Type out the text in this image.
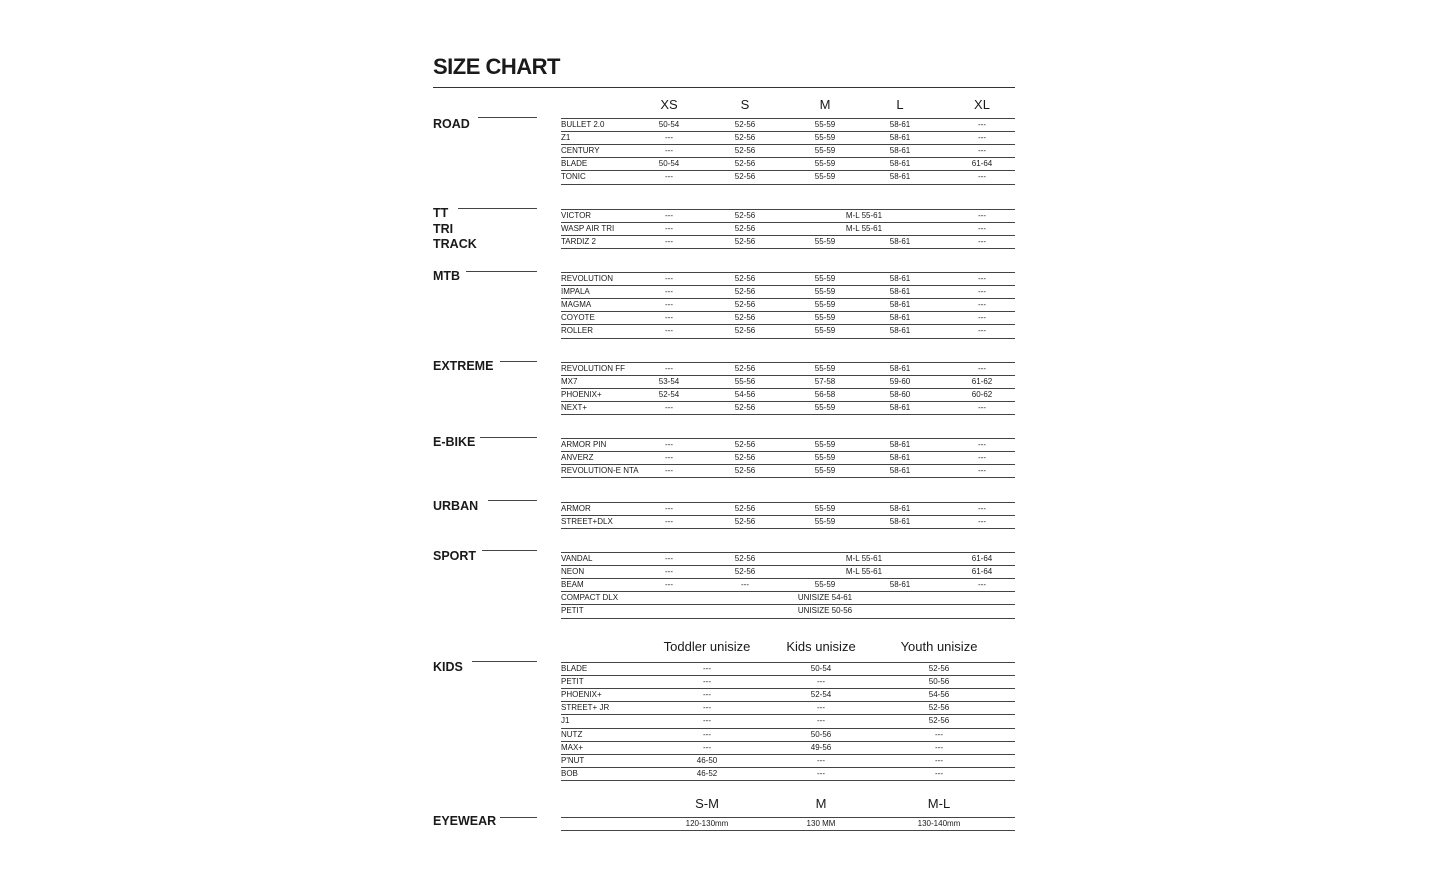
SIZE CHART
XS	S	M	L	XL
ROAD	BULLET 2.0	50-54	52-56	55-59	58-61	---
Z1	---	52-56	55-59	58-61	---
CENTURY	---	52-56	55-59	58-61	---
BLADE	50-54	52-56	55-59	58-61	61-64
TONIC	---	52-56	55-59	58-61	---
TT
TRI
TRACK
VICTOR	---	52-56	M-L 55-61	---
WASP AIR TRI	---	52-56	M-L 55-61	---
TARDIZ 2	---	52-56	55-59	58-61	---
MTB	REVOLUTION	---	52-56	55-59	58-61	---
IMPALA	---	52-56	55-59	58-61	---
MAGMA	---	52-56	55-59	58-61	---
COYOTE	---	52-56	55-59	58-61	---
ROLLER	---	52-56	55-59	58-61	---
EXTREME	REVOLUTION FF	---	52-56	55-59	58-61	---
MX7	53-54	55-56	57-58	59-60	61-62
PHOENIX+	52-54	54-56	56-58	58-60	60-62
NEXT+	---	52-56	55-59	58-61	---
E-BIKE	ARMOR PIN	---	52-56	55-59	58-61	---
ANVERZ	---	52-56	55-59	58-61	---
REVOLUTION-E NTA	---	52-56	55-59	58-61	---
URBAN	ARMOR	---	52-56	55-59	58-61	---
STREET+DLX	---	52-56	55-59	58-61	---
SPORT	VANDAL	---	52-56	M-L 55-61	61-64
NEON	---	52-56	M-L 55-61	61-64
BEAM	---	---	55-59	58-61	---
COMPACT DLX	UNISIZE 54-61
PETIT	UNISIZE 50-56
Toddler unisize	Kids unisize	Youth unisize
KIDS	BLADE	---	50-54	52-56
PETIT	---	---	50-56
PHOENIX+	---	52-54	54-56
STREET+ JR	---	---	52-56
J1	---	---	52-56
NUTZ	---	50-56	---
MAX+	---	49-56	---
P'NUT	46-50	---	---
BOB	46-52	---	---
S-M	M	M-L
EYEWEAR	120-130mm	130 MM	130-140mm
